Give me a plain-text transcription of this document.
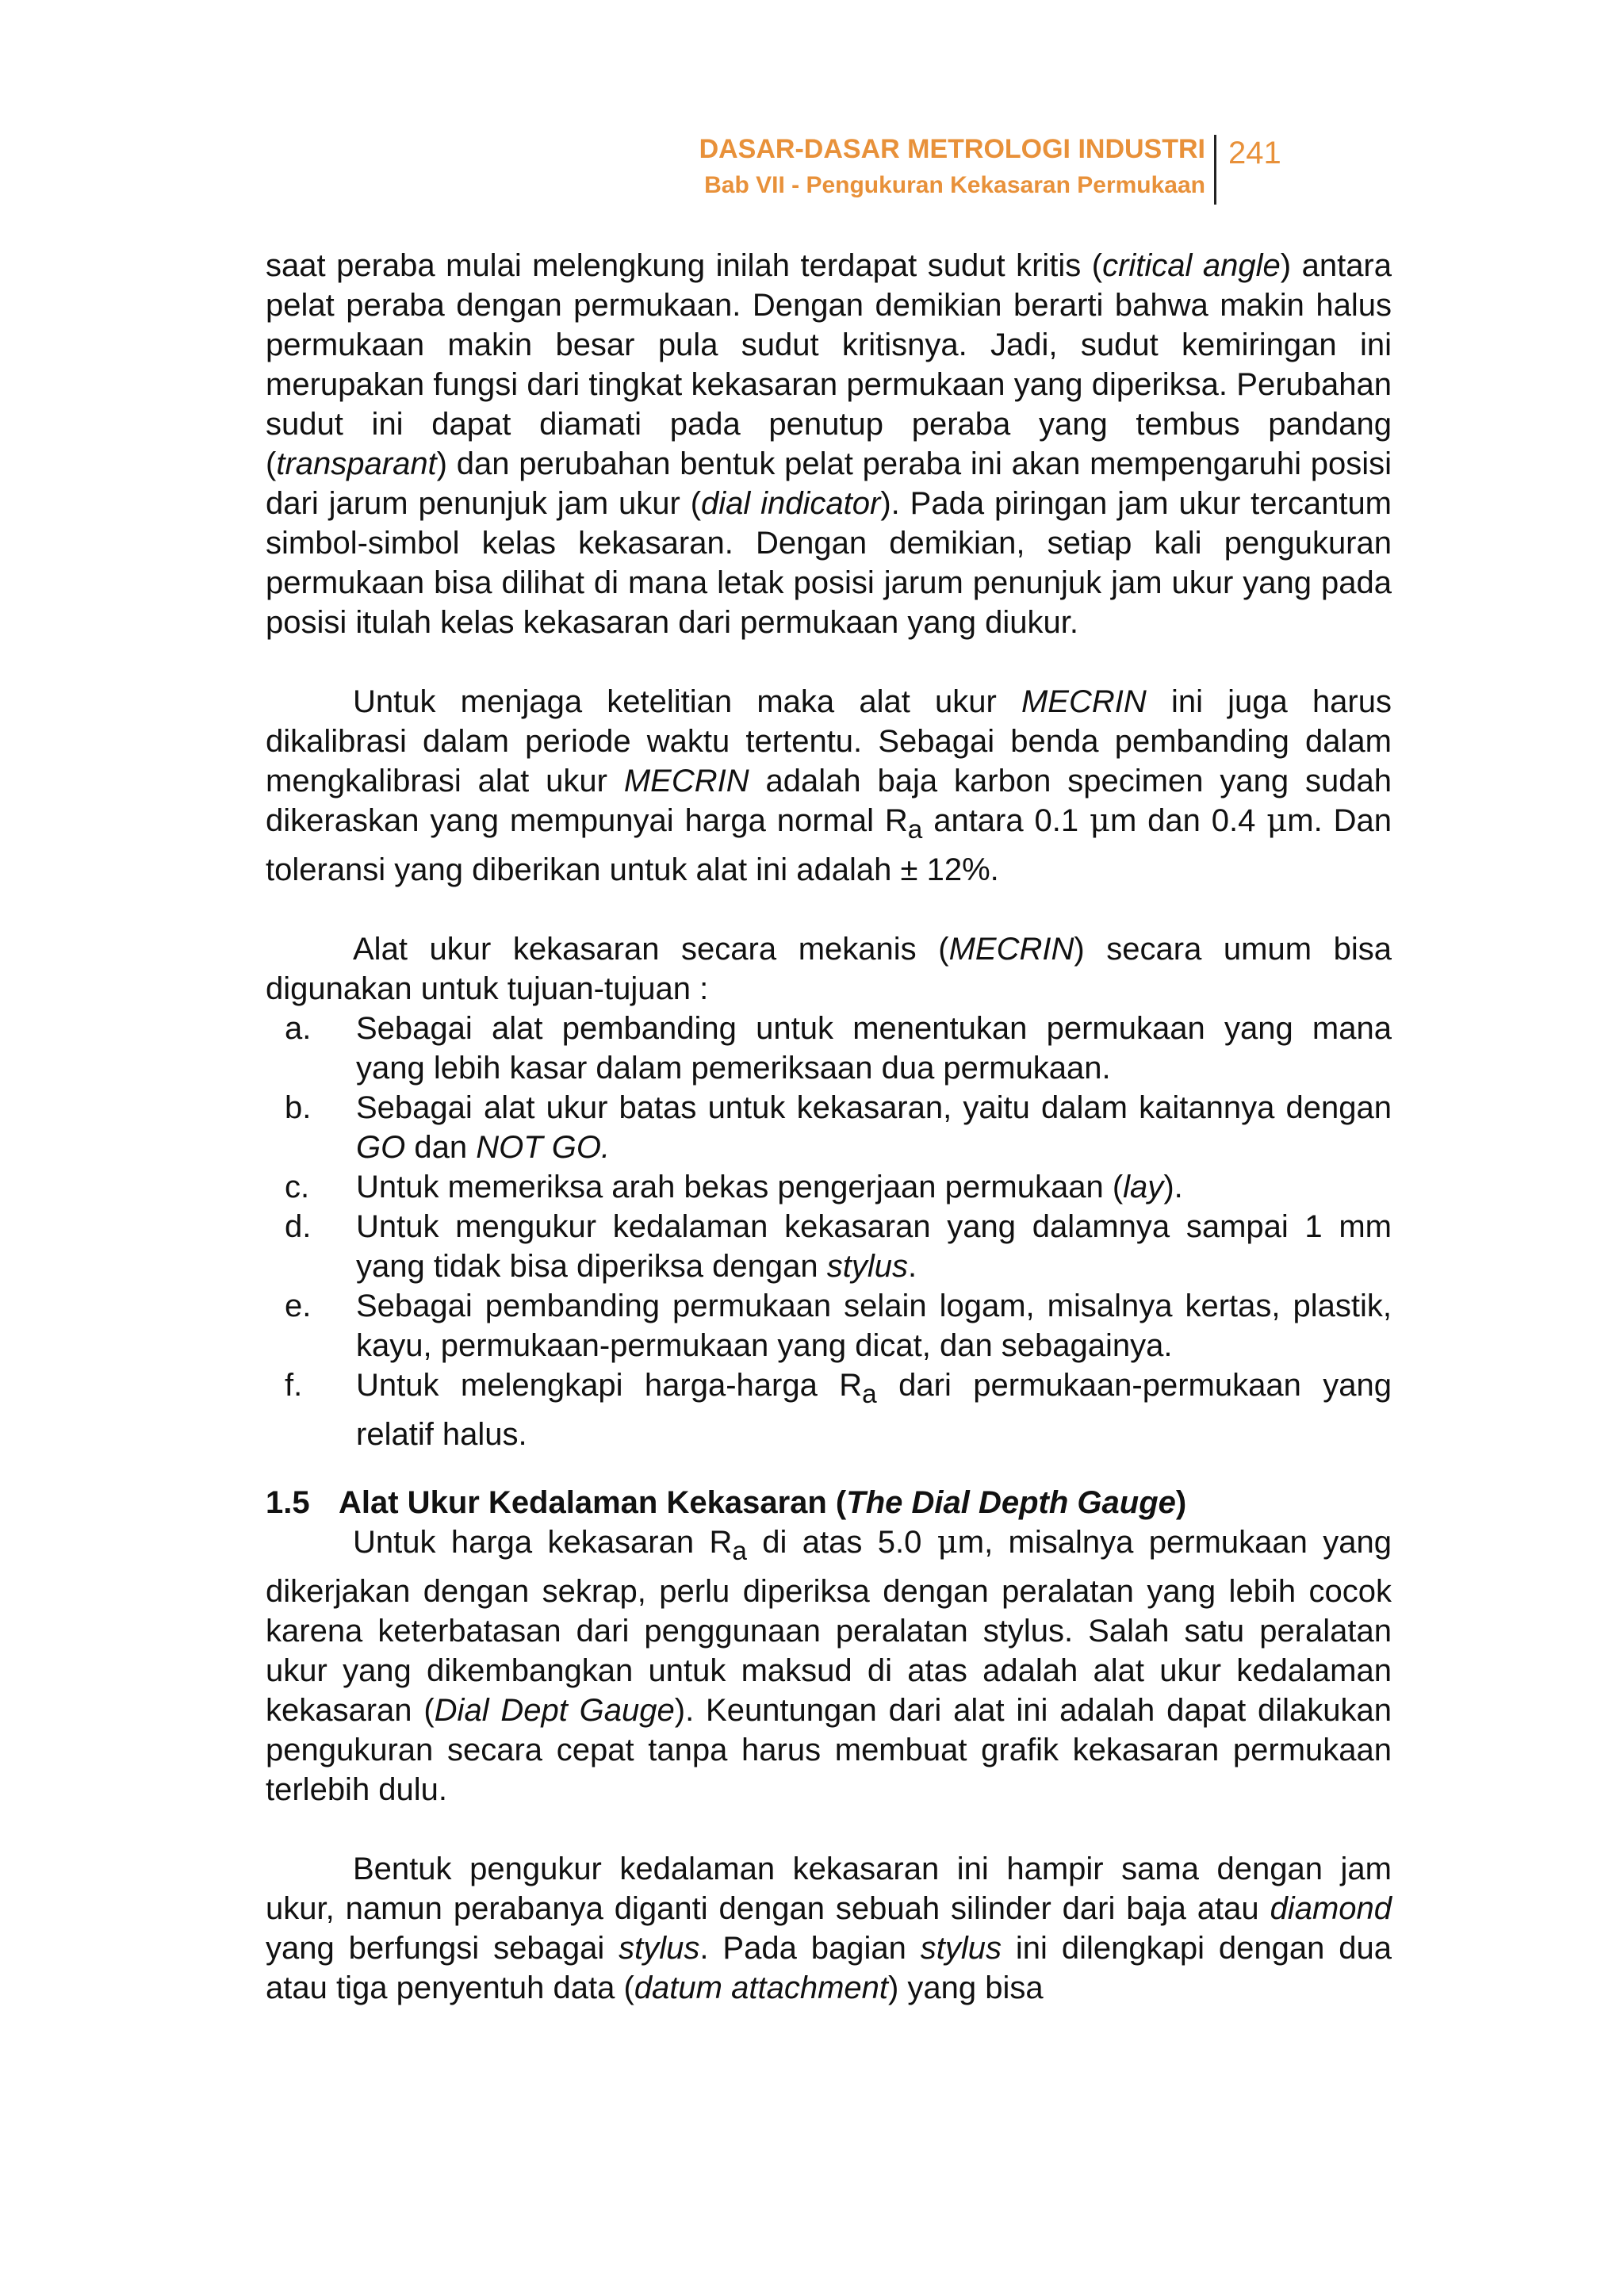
DASAR-DASAR METROLOGI INDUSTRI
Bab VII - Pengukuran Kekasaran Permukaan
241

saat peraba mulai melengkung inilah terdapat sudut kritis (critical angle) antara pelat peraba dengan permukaan. Dengan demikian berarti bahwa makin halus permukaan makin besar pula sudut kritisnya. Jadi, sudut kemiringan ini merupakan fungsi dari tingkat kekasaran permukaan yang diperiksa. Perubahan sudut ini dapat diamati pada penutup peraba yang tembus pandang (transparant) dan perubahan bentuk pelat peraba ini akan mempengaruhi posisi dari jarum penunjuk jam ukur (dial indicator). Pada piringan jam ukur tercantum simbol-simbol kelas kekasaran. Dengan demikian, setiap kali pengukuran permukaan bisa dilihat di mana letak posisi jarum penunjuk jam ukur yang pada posisi itulah kelas kekasaran dari permukaan yang diukur.

Untuk menjaga ketelitian maka alat ukur MECRIN ini juga harus dikalibrasi dalam periode waktu tertentu. Sebagai benda pembanding dalam mengkalibrasi alat ukur MECRIN adalah baja karbon specimen yang sudah dikeraskan yang mempunyai harga normal $R_a$ antara 0.1 μm dan 0.4 μm. Dan toleransi yang diberikan untuk alat ini adalah ± 12%.

Alat ukur kekasaran secara mekanis (MECRIN) secara umum bisa digunakan untuk tujuan-tujuan :

a. Sebagai alat pembanding untuk menentukan permukaan yang mana yang lebih kasar dalam pemeriksaan dua permukaan.
b. Sebagai alat ukur batas untuk kekasaran, yaitu dalam kaitannya dengan GO dan NOT GO.
c. Untuk memeriksa arah bekas pengerjaan permukaan (lay).
d. Untuk mengukur kedalaman kekasaran yang dalamnya sampai 1 mm yang tidak bisa diperiksa dengan stylus.
e. Sebagai pembanding permukaan selain logam, misalnya kertas, plastik, kayu, permukaan-permukaan yang dicat, dan sebagainya.
f. Untuk melengkapi harga-harga $R_a$ dari permukaan-permukaan yang relatif halus.

1.5 Alat Ukur Kedalaman Kekasaran (The Dial Depth Gauge)

Untuk harga kekasaran $R_a$ di atas 5.0 μm, misalnya permukaan yang dikerjakan dengan sekrap, perlu diperiksa dengan peralatan yang lebih cocok karena keterbatasan dari penggunaan peralatan stylus. Salah satu peralatan ukur yang dikembangkan untuk maksud di atas adalah alat ukur kedalaman kekasaran (Dial Dept Gauge). Keuntungan dari alat ini adalah dapat dilakukan pengukuran secara cepat tanpa harus membuat grafik kekasaran permukaan terlebih dulu.

Bentuk pengukur kedalaman kekasaran ini hampir sama dengan jam ukur, namun perabanya diganti dengan sebuah silinder dari baja atau diamond yang berfungsi sebagai stylus. Pada bagian stylus ini dilengkapi dengan dua atau tiga penyentuh data (datum attachment) yang bisa
